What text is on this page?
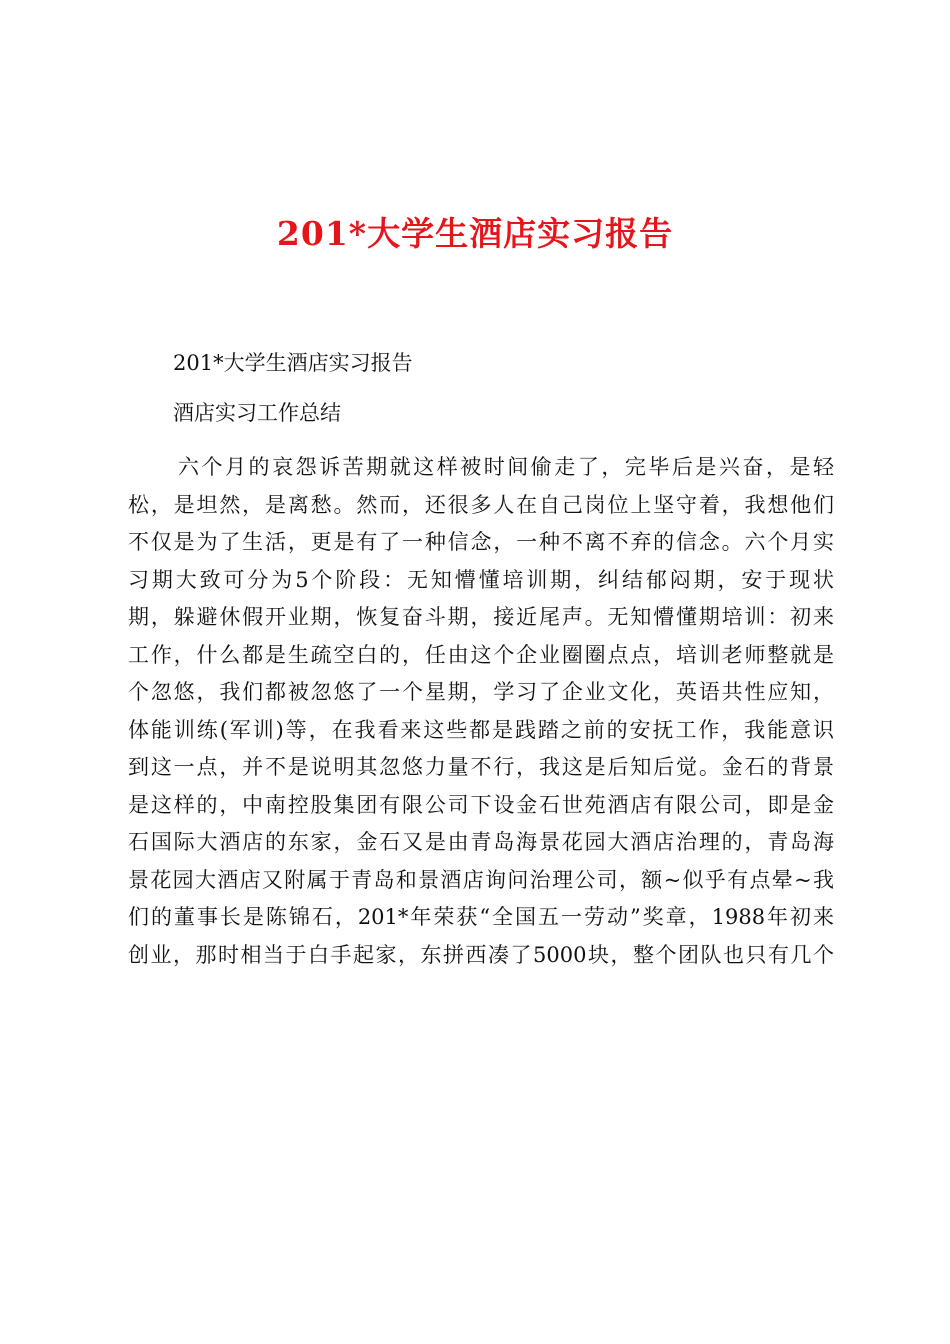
201*大学生酒店实习报告
201*大学生酒店实习报告
酒店实习工作总结
六个月的哀怨诉苦期就这样被时间偷走了，完毕后是兴奋，是轻
松，是坦然，是离愁。然而，还很多人在自己岗位上坚守着，我想他们
不仅是为了生活，更是有了一种信念，一种不离不弃的信念。六个月实
习期大致可分为5个阶段：无知懵懂培训期，纠结郁闷期，安于现状
期，躲避休假开业期，恢复奋斗期，接近尾声。无知懵懂期培训：初来
工作，什么都是生疏空白的，任由这个企业圈圈点点，培训老师整就是
个忽悠，我们都被忽悠了一个星期，学习了企业文化，英语共性应知，
体能训练(军训)等，在我看来这些都是践踏之前的安抚工作，我能意识
到这一点，并不是说明其忽悠力量不行，我这是后知后觉。金石的背景
是这样的，中南控股集团有限公司下设金石世苑酒店有限公司，即是金
石国际大酒店的东家，金石又是由青岛海景花园大酒店治理的，青岛海
景花园大酒店又附属于青岛和景酒店询问治理公司，额~似乎有点晕~我
们的董事长是陈锦石，201*年荣获“全国五一劳动”奖章，1988年初来
创业，那时相当于白手起家，东拼西凑了5000块，整个团队也只有几个
